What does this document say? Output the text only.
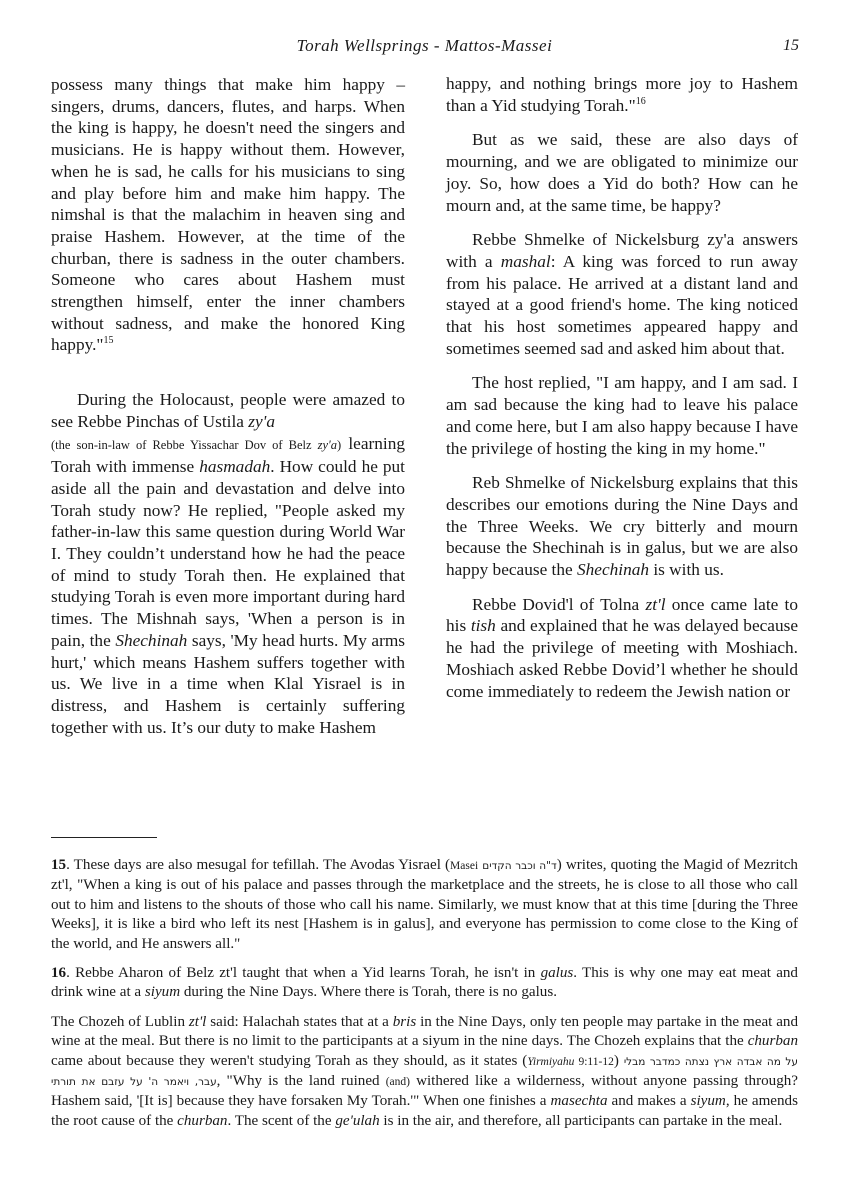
Torah Wellsprings - Mattos-Massei	15

possess many things that make him happy – singers, drums, dancers, flutes, and harps. When the king is happy, he doesn't need the singers and musicians. He is happy without them. However, when he is sad, he calls for his musicians to sing and play before him and make him happy. The nimshal is that the malachim in heaven sing and praise Hashem. However, at the time of the churban, there is sadness in the outer chambers. Someone who cares about Hashem must strengthen himself, enter the inner chambers without sadness, and make the honored King happy."$^{15}$

During the Holocaust, people were amazed to see Rebbe Pinchas of Ustila zy'a
(the son-in-law of Rebbe Yissachar Dov of Belz zy'a) learning Torah with immense hasmadah. How could he put aside all the pain and devastation and delve into Torah study now? He replied, "People asked my father-in-law this same question during World War I. They couldn’t understand how he had the peace of mind to study Torah then. He explained that studying Torah is even more important during hard times. The Mishnah says, 'When a person is in pain, the Shechinah says, 'My head hurts. My arms hurt,' which means Hashem suffers together with us. We live in a time when Klal Yisrael is in distress, and Hashem is certainly suffering together with us. It’s our duty to make Hashem

happy, and nothing brings more joy to Hashem than a Yid studying Torah."$^{16}$

But as we said, these are also days of mourning, and we are obligated to minimize our joy. So, how does a Yid do both? How can he mourn and, at the same time, be happy?

Rebbe Shmelke of Nickelsburg zy'a answers with a mashal: A king was forced to run away from his palace. He arrived at a distant land and stayed at a good friend's home. The king noticed that his host sometimes appeared happy and sometimes seemed sad and asked him about that.

The host replied, "I am happy, and I am sad. I am sad because the king had to leave his palace and come here, but I am also happy because I have the privilege of hosting the king in my home."

Reb Shmelke of Nickelsburg explains that this describes our emotions during the Nine Days and the Three Weeks. We cry bitterly and mourn because the Shechinah is in galus, but we are also happy because the Shechinah is with us.

Rebbe Dovid'l of Tolna zt'l once came late to his tish and explained that he was delayed because he had the privilege of meeting with Moshiach. Moshiach asked Rebbe Dovid’l whether he should come immediately to redeem the Jewish nation or

15. These days are also mesugal for tefillah. The Avodas Yisrael (Masei ד"ה וכבר הקדים) writes, quoting the Magid of Mezritch zt'l, "When a king is out of his palace and passes through the marketplace and the streets, he is close to all those who call out to him and listens to the shouts of those who call his name. Similarly, we must know that at this time [during the Three Weeks], it is like a bird who left its nest [Hashem is in galus], and everyone has permission to come close to the King of the world, and He answers all."

16. Rebbe Aharon of Belz zt'l taught that when a Yid learns Torah, he isn't in galus. This is why one may eat meat and drink wine at a siyum during the Nine Days. Where there is Torah, there is no galus.

The Chozeh of Lublin zt'l said: Halachah states that at a bris in the Nine Days, only ten people may partake in the meat and wine at the meal. But there is no limit to the participants at a siyum in the nine days. The Chozeh explains that the churban came about because they weren't studying Torah as they should, as it states (Yirmiyahu 9:11-12) על מה אבדה ארץ נצתה כמדבר מבלי עבר, ויאמר ה' על עזבם את תורתי, "Why is the land ruined (and) withered like a wilderness, without anyone passing through? Hashem said, '[It is] because they have forsaken My Torah.'" When one finishes a masechta and makes a siyum, he amends the root cause of the churban. The scent of the ge'ulah is in the air, and therefore, all participants can partake in the meal.
